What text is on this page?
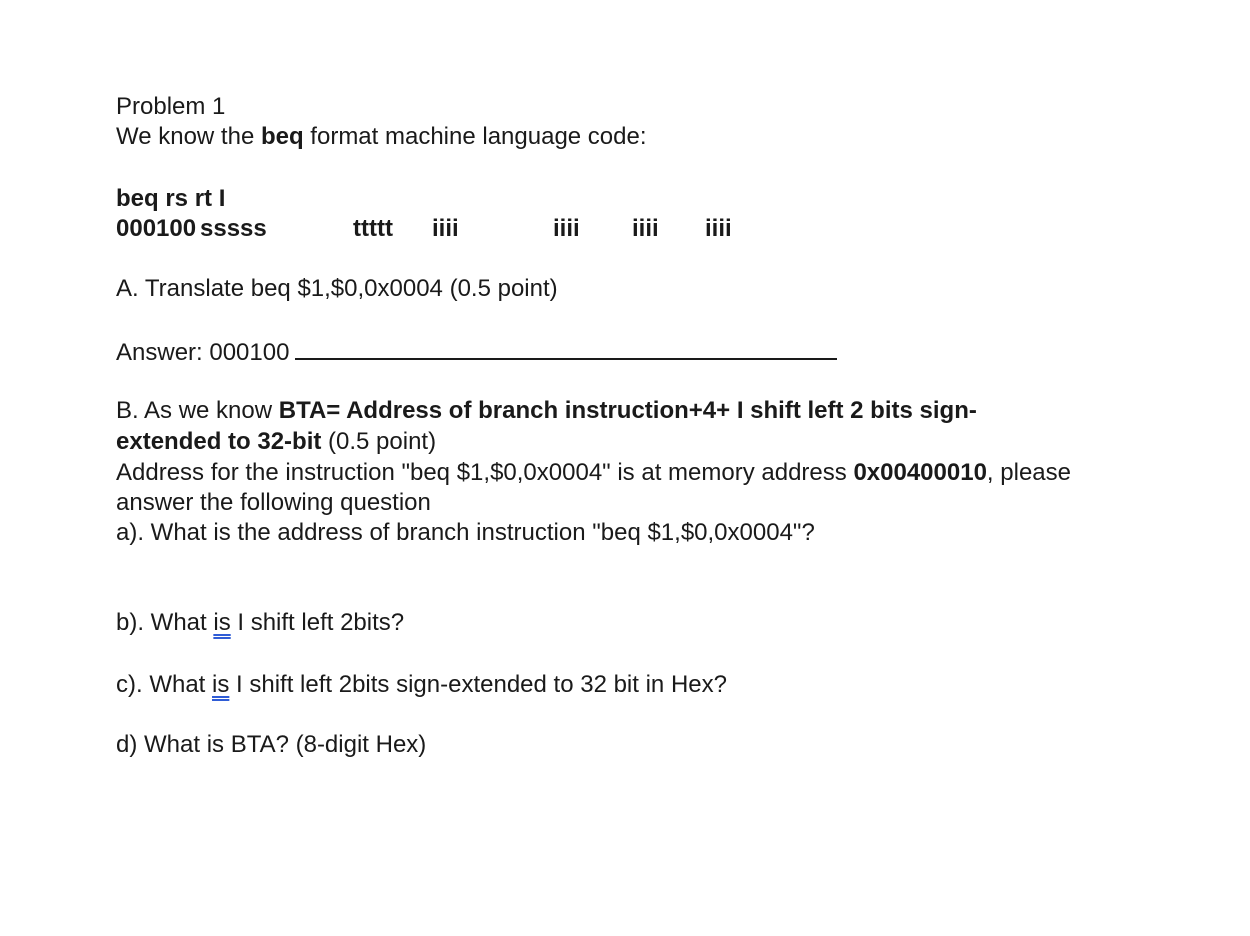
Problem 1
We know the beq format machine language code:
beq rs rt I
000100 sssss	ttttt iiii	iiii iiii iiii
A. Translate beq $1,$0,0x0004 (0.5 point)
Answer: 000100
B. As we know BTA= Address of branch instruction+4+ I shift left 2 bits sign-
extended to 32-bit (0.5 point)
Address for the instruction "beq $1,$0,0x0004" is at memory address 0x00400010, please
answer the following question
a). What is the address of branch instruction "beq $1,$0,0x0004"?
b). What is I shift left 2bits?
c). What is I shift left 2bits sign-extended to 32 bit in Hex?
d) What is BTA? (8-digit Hex)
